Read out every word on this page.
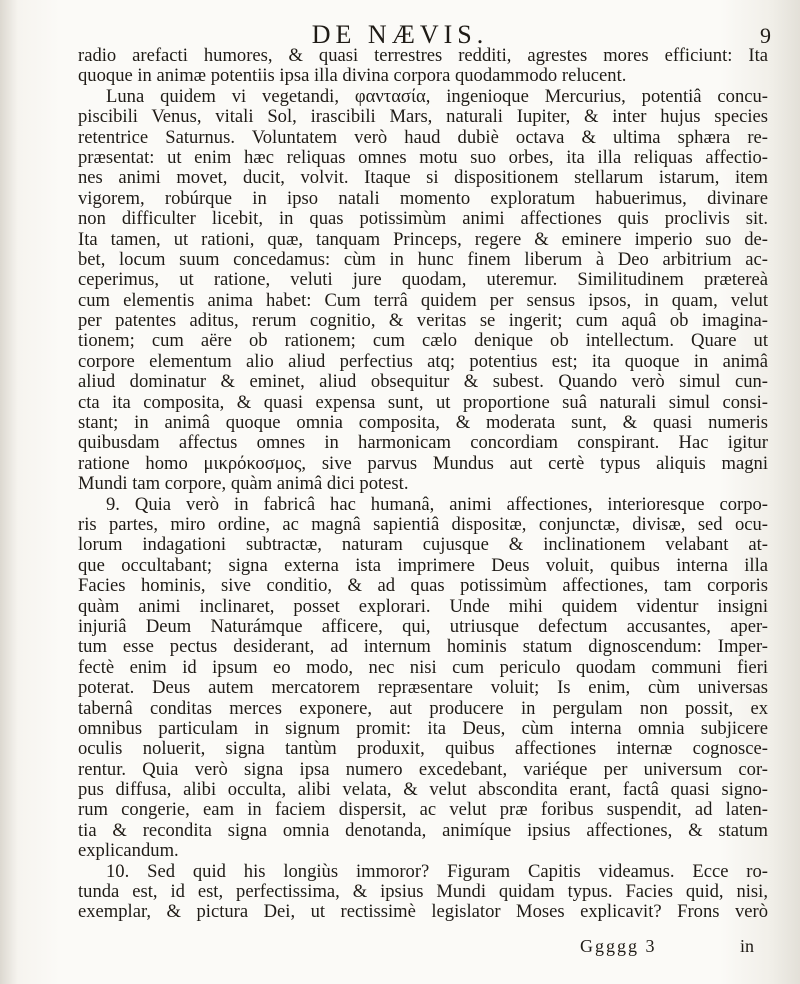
DE NÆVIS.	9
radio arefacti humores, & quasi terrestres redditi, agrestes mores efficiunt: Ita
quoque in animæ potentiis ipsa illa divina corpora quodammodo relucent.
Luna quidem vi vegetandi, φαντασία, ingenioque Mercurius, potentiâ concu-
piscibili Venus, vitali Sol, irascibili Mars, naturali Iupiter, & inter hujus species
retentrice Saturnus. Voluntatem verò haud dubiè octava & ultima sphæra re-
præsentat: ut enim hæc reliquas omnes motu suo orbes, ita illa reliquas affectio-
nes animi movet, ducit, volvit. Itaque si dispositionem stellarum istarum, item
vigorem, robúrque in ipso natali momento exploratum habuerimus, divinare
non difficulter licebit, in quas potissimùm animi affectiones quis proclivis sit.
Ita tamen, ut rationi, quæ, tanquam Princeps, regere & eminere imperio suo de-
bet, locum suum concedamus: cùm in hunc finem liberum à Deo arbitrium ac-
ceperimus, ut ratione, veluti jure quodam, uteremur. Similitudinem prætereà
cum elementis anima habet: Cum terrâ quidem per sensus ipsos, in quam, velut
per patentes aditus, rerum cognitio, & veritas se ingerit; cum aquâ ob imagina-
tionem; cum aëre ob rationem; cum cælo denique ob intellectum. Quare ut
corpore elementum alio aliud perfectius atq; potentius est; ita quoque in animâ
aliud dominatur & eminet, aliud obsequitur & subest. Quando verò simul cun-
cta ita composita, & quasi expensa sunt, ut proportione suâ naturali simul consi-
stant; in animâ quoque omnia composita, & moderata sunt, & quasi numeris
quibusdam affectus omnes in harmonicam concordiam conspirant. Hac igitur
ratione homo μικρόκοσμος, sive parvus Mundus aut certè typus aliquis magni
Mundi tam corpore, quàm animâ dici potest.
9. Quia verò in fabricâ hac humanâ, animi affectiones, interioresque corpo-
ris partes, miro ordine, ac magnâ sapientiâ dispositæ, conjunctæ, divisæ, sed ocu-
lorum indagationi subtractæ, naturam cujusque & inclinationem velabant at-
que occultabant; signa externa ista imprimere Deus voluit, quibus interna illa
Facies hominis, sive conditio, & ad quas potissimùm affectiones, tam corporis
quàm animi inclinaret, posset explorari. Unde mihi quidem videntur insigni
injuriâ Deum Naturámque afficere, qui, utriusque defectum accusantes, aper-
tum esse pectus desiderant, ad internum hominis statum dignoscendum: Imper-
fectè enim id ipsum eo modo, nec nisi cum periculo quodam communi fieri
poterat. Deus autem mercatorem repræsentare voluit; Is enim, cùm universas
tabernâ conditas merces exponere, aut producere in pergulam non possit, ex
omnibus particulam in signum promit: ita Deus, cùm interna omnia subjicere
oculis noluerit, signa tantùm produxit, quibus affectiones internæ cognosce-
rentur. Quia verò signa ipsa numero excedebant, variéque per universum cor-
pus diffusa, alibi occulta, alibi velata, & velut abscondita erant, factâ quasi signo-
rum congerie, eam in faciem dispersit, ac velut præ foribus suspendit, ad laten-
tia & recondita signa omnia denotanda, animíque ipsius affectiones, & statum
explicandum.
10. Sed quid his longiùs immoror? Figuram Capitis videamus. Ecce ro-
tunda est, id est, perfectissima, & ipsius Mundi quidam typus. Facies quid, nisi,
exemplar, & pictura Dei, ut rectissimè legislator Moses explicavit? Frons verò
Ggggg 3	in
